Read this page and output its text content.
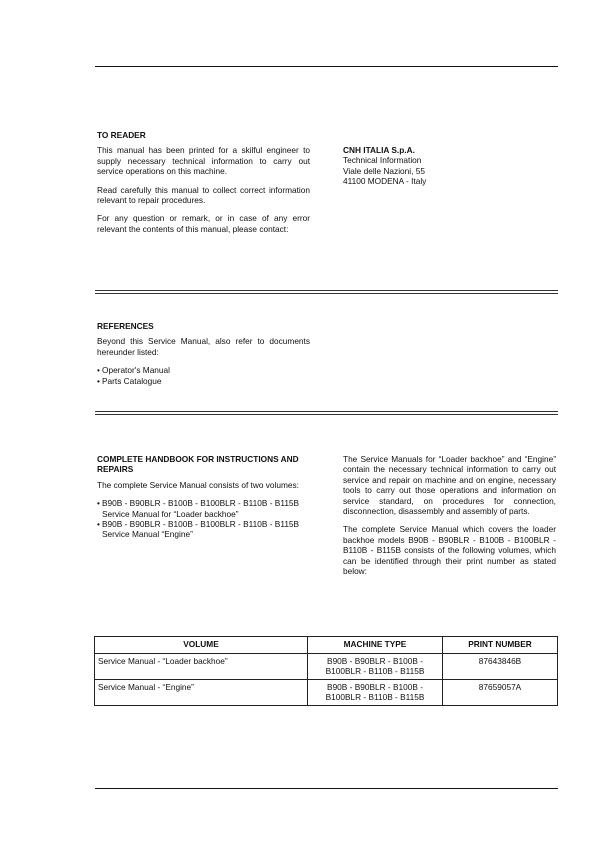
TO READER

This manual has been printed for a skilful engineer to supply necessary technical information to carry out service operations on this machine.

Read carefully this manual to collect correct information relevant to repair procedures.

For any question or remark, or in case of any error relevant the contents of this manual, please contact:

CNH ITALIA S.p.A.
Technical Information
Viale delle Nazioni, 55
41100 MODENA - Italy
REFERENCES

Beyond this Service Manual, also refer to documents hereunder listed:

• Operator's Manual
• Parts Catalogue
COMPLETE HANDBOOK FOR INSTRUCTIONS AND REPAIRS

The complete Service Manual consists of two volumes:

• B90B - B90BLR - B100B - B100BLR - B110B - B115B
Service Manual for “Loader backhoe”
• B90B - B90BLR - B100B - B100BLR - B110B - B115B
Service Manual “Engine”

The Service Manuals for “Loader backhoe” and “Engine” contain the necessary technical information to carry out service and repair on machine and on engine, necessary tools to carry out those operations and information on service standard, on procedures for connection, disconnection, disassembly and assembly of parts.

The complete Service Manual which covers the loader backhoe models B90B - B90BLR - B100B - B100BLR - B110B - B115B consists of the following volumes, which can be identified through their print number as stated below:

VOLUME	MACHINE TYPE	PRINT NUMBER
Service Manual - “Loader backhoe”	B90B - B90BLR - B100B -
B100BLR - B110B - B115B	87643846B
Service Manual - “Engine”	B90B - B90BLR - B100B -
B100BLR - B110B - B115B	87659057A
